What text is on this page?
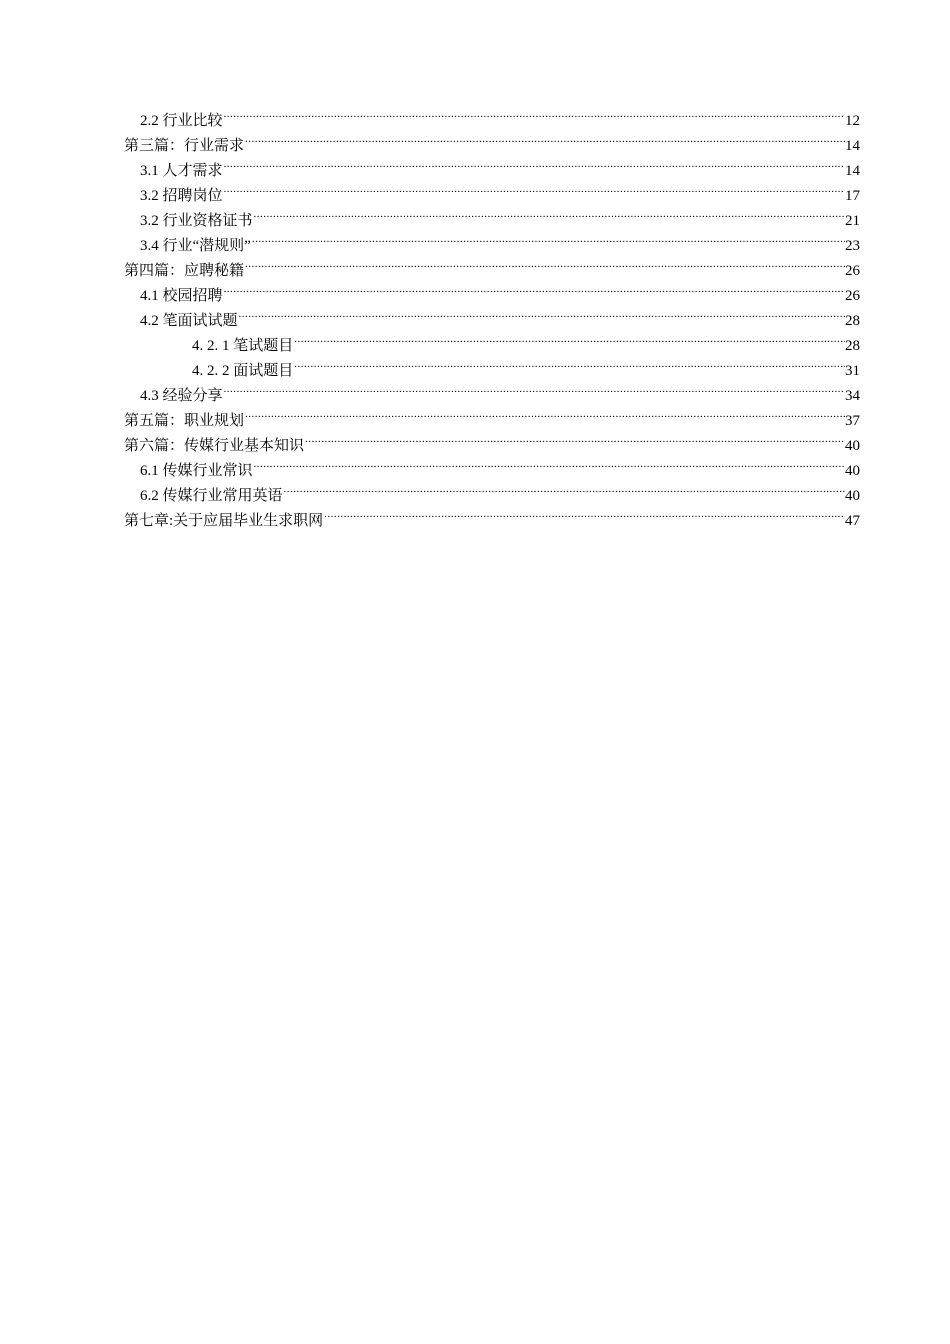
2.2 行业比较 .....	12
第三篇：行业需求 .....	14
3.1 人才需求 .....	14
3.2 招聘岗位 .....	17
3.2 行业资格证书 .....	21
3.4 行业“潜规则” .....	23
第四篇：应聘秘籍 .....	26
4.1 校园招聘 .....	26
4.2 笔面试试题 .....	28
4. 2. 1 笔试题目 .....	28
4. 2. 2 面试题目 .....	31
4.3 经验分享 .....	34
第五篇：职业规划 .....	37
第六篇：传媒行业基本知识 .....	40
6.1 传媒行业常识 .....	40
6.2 传媒行业常用英语 .....	40
第七章:关于应届毕业生求职网 .....	47
